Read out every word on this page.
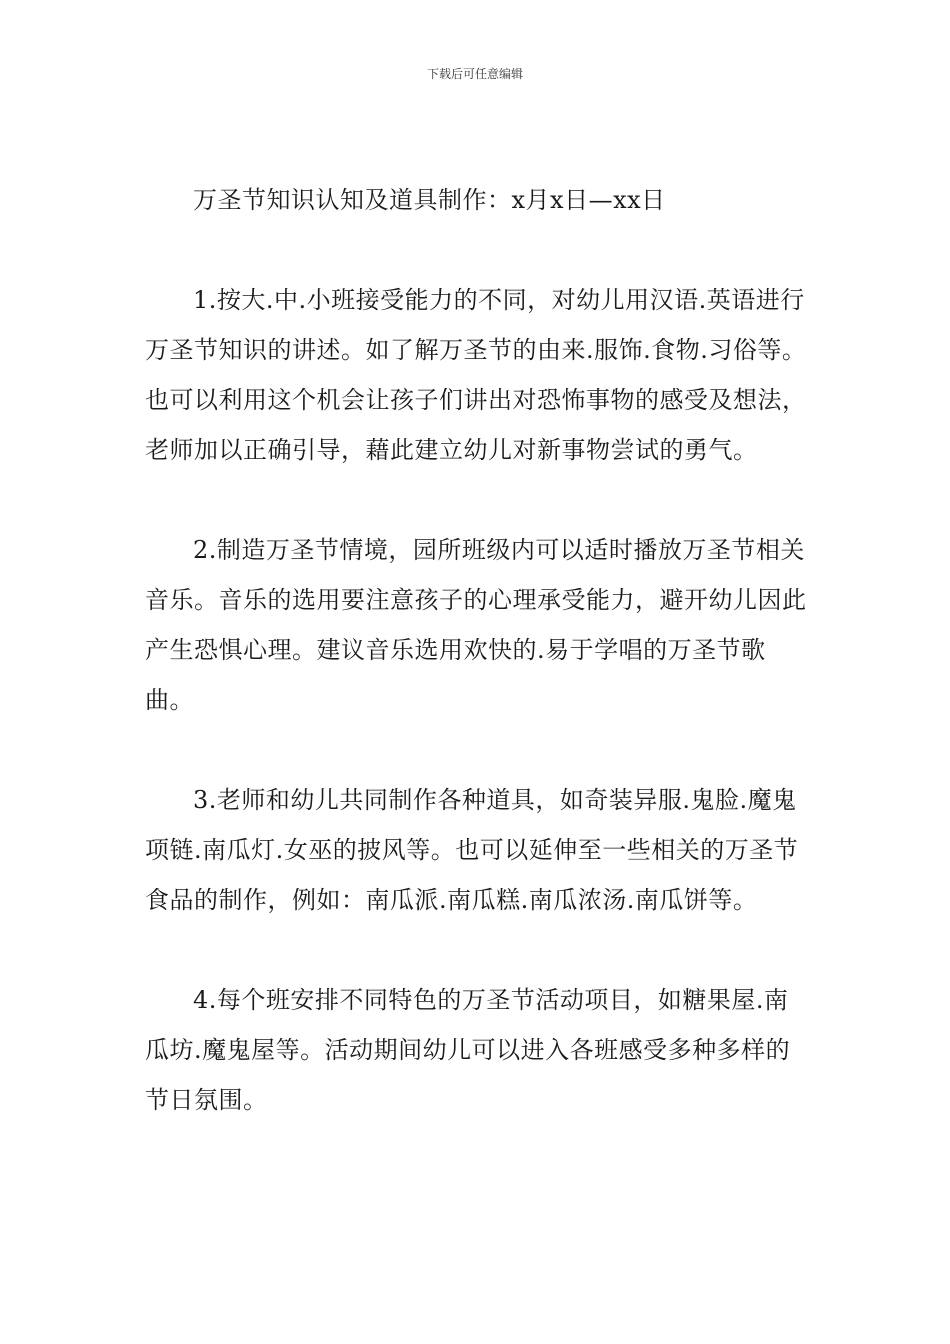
下载后可任意编辑

万圣节知识认知及道具制作：x月x日—xx日

1.按大.中.小班接受能力的不同，对幼儿用汉语.英语进行万圣节知识的讲述。如了解万圣节的由来.服饰.食物.习俗等。也可以利用这个机会让孩子们讲出对恐怖事物的感受及想法，老师加以正确引导，藉此建立幼儿对新事物尝试的勇气。

2.制造万圣节情境，园所班级内可以适时播放万圣节相关音乐。音乐的选用要注意孩子的心理承受能力，避开幼儿因此产生恐惧心理。建议音乐选用欢快的.易于学唱的万圣节歌曲。

3.老师和幼儿共同制作各种道具，如奇装异服.鬼脸.魔鬼项链.南瓜灯.女巫的披风等。也可以延伸至一些相关的万圣节食品的制作，例如：南瓜派.南瓜糕.南瓜浓汤.南瓜饼等。

4.每个班安排不同特色的万圣节活动项目，如糖果屋.南瓜坊.魔鬼屋等。活动期间幼儿可以进入各班感受多种多样的节日氛围。
